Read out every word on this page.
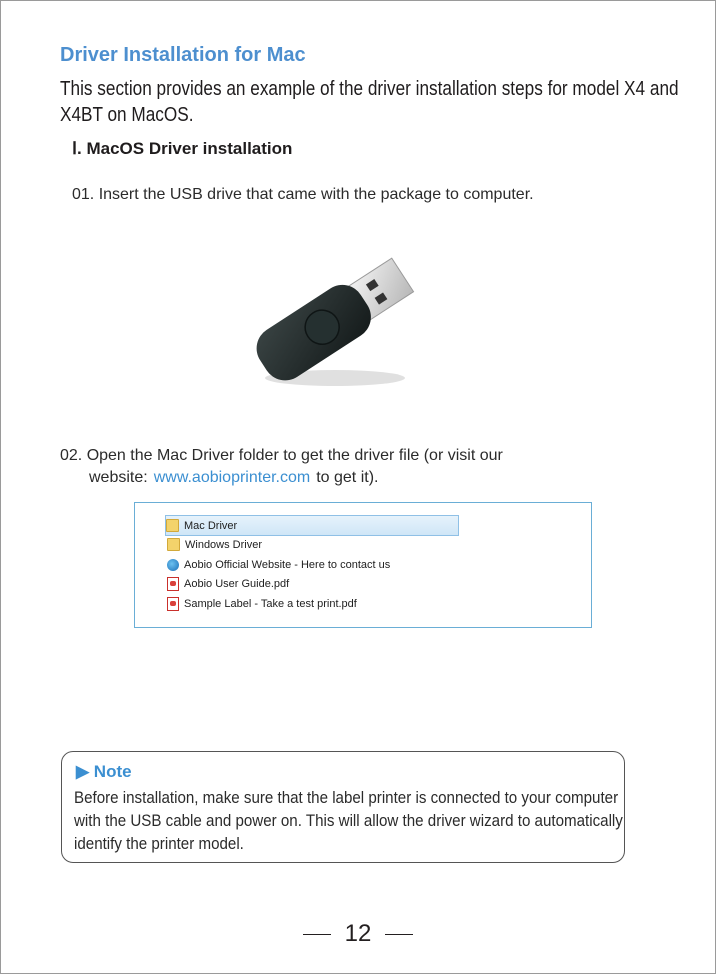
Driver Installation for Mac
This section provides an example of the driver installation steps for model X4 and X4BT on MacOS.
Ⅰ. MacOS Driver installation
01. Insert the USB drive that came with the package to computer.
02. Open the Mac Driver folder to get the driver file (or visit our
website: www.aobioprinter.com to get it).
Mac Driver
Windows Driver
Aobio Official Website - Here to contact us
Aobio User Guide.pdf
Sample Label - Take a test print.pdf
▶ Note
Before installation, make sure that the label printer is connected to your computer with the USB cable and power on. This will allow the driver wizard to automatically identify the printer model.
12
